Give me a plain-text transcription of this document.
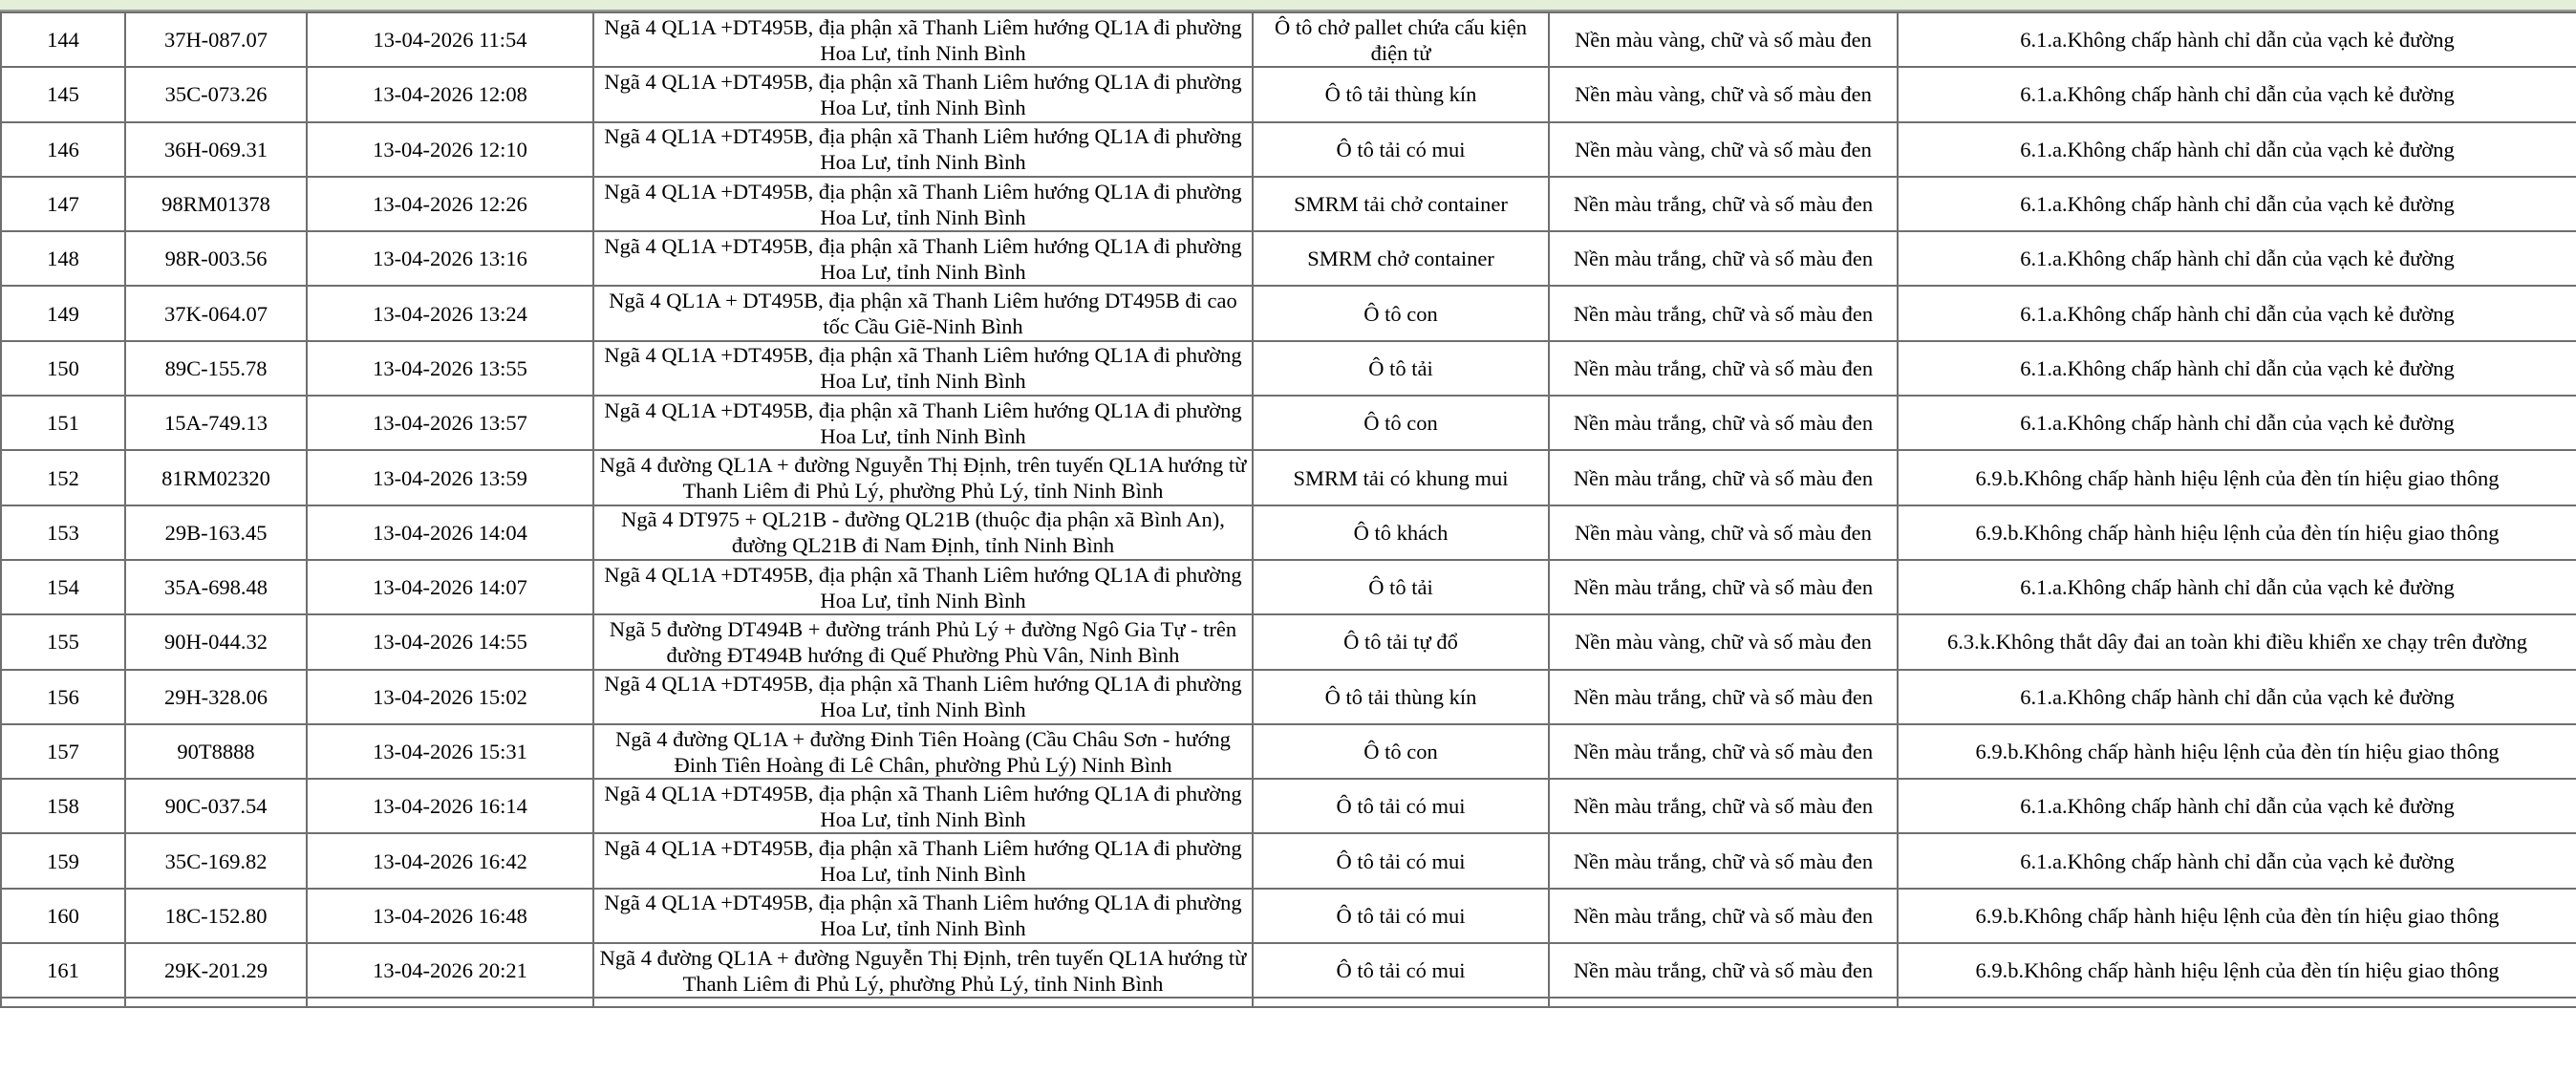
144	37H-087.07	13-04-2026 11:54	Ngã 4 QL1A +DT495B, địa phận xã Thanh Liêm hướng QL1A đi phường Hoa Lư, tỉnh Ninh Bình	Ô tô chở pallet chứa cấu kiện điện tử	Nền màu vàng, chữ và số màu đen	6.1.a.Không chấp hành chỉ dẫn của vạch kẻ đường
145	35C-073.26	13-04-2026 12:08	Ngã 4 QL1A +DT495B, địa phận xã Thanh Liêm hướng QL1A đi phường Hoa Lư, tỉnh Ninh Bình	Ô tô tải thùng kín	Nền màu vàng, chữ và số màu đen	6.1.a.Không chấp hành chỉ dẫn của vạch kẻ đường
146	36H-069.31	13-04-2026 12:10	Ngã 4 QL1A +DT495B, địa phận xã Thanh Liêm hướng QL1A đi phường Hoa Lư, tỉnh Ninh Bình	Ô tô tải có mui	Nền màu vàng, chữ và số màu đen	6.1.a.Không chấp hành chỉ dẫn của vạch kẻ đường
147	98RM01378	13-04-2026 12:26	Ngã 4 QL1A +DT495B, địa phận xã Thanh Liêm hướng QL1A đi phường Hoa Lư, tỉnh Ninh Bình	SMRM tải chở container	Nền màu trắng, chữ và số màu đen	6.1.a.Không chấp hành chỉ dẫn của vạch kẻ đường
148	98R-003.56	13-04-2026 13:16	Ngã 4 QL1A +DT495B, địa phận xã Thanh Liêm hướng QL1A đi phường Hoa Lư, tỉnh Ninh Bình	SMRM chở container	Nền màu trắng, chữ và số màu đen	6.1.a.Không chấp hành chỉ dẫn của vạch kẻ đường
149	37K-064.07	13-04-2026 13:24	Ngã 4 QL1A + DT495B, địa phận xã Thanh Liêm hướng DT495B đi cao tốc Cầu Giẽ-Ninh Bình	Ô tô con	Nền màu trắng, chữ và số màu đen	6.1.a.Không chấp hành chỉ dẫn của vạch kẻ đường
150	89C-155.78	13-04-2026 13:55	Ngã 4 QL1A +DT495B, địa phận xã Thanh Liêm hướng QL1A đi phường Hoa Lư, tỉnh Ninh Bình	Ô tô tải	Nền màu trắng, chữ và số màu đen	6.1.a.Không chấp hành chỉ dẫn của vạch kẻ đường
151	15A-749.13	13-04-2026 13:57	Ngã 4 QL1A +DT495B, địa phận xã Thanh Liêm hướng QL1A đi phường Hoa Lư, tỉnh Ninh Bình	Ô tô con	Nền màu trắng, chữ và số màu đen	6.1.a.Không chấp hành chỉ dẫn của vạch kẻ đường
152	81RM02320	13-04-2026 13:59	Ngã 4 đường QL1A + đường Nguyễn Thị Định, trên tuyến QL1A hướng từ Thanh Liêm đi Phủ Lý, phường Phủ Lý, tỉnh Ninh Bình	SMRM tải có khung mui	Nền màu trắng, chữ và số màu đen	6.9.b.Không chấp hành hiệu lệnh của đèn tín hiệu giao thông
153	29B-163.45	13-04-2026 14:04	Ngã 4 DT975 + QL21B - đường QL21B (thuộc địa phận xã Bình An), đường QL21B đi Nam Định, tỉnh Ninh Bình	Ô tô khách	Nền màu vàng, chữ và số màu đen	6.9.b.Không chấp hành hiệu lệnh của đèn tín hiệu giao thông
154	35A-698.48	13-04-2026 14:07	Ngã 4 QL1A +DT495B, địa phận xã Thanh Liêm hướng QL1A đi phường Hoa Lư, tỉnh Ninh Bình	Ô tô tải	Nền màu trắng, chữ và số màu đen	6.1.a.Không chấp hành chỉ dẫn của vạch kẻ đường
155	90H-044.32	13-04-2026 14:55	Ngã 5 đường DT494B + đường tránh Phủ Lý + đường Ngô Gia Tự - trên đường ĐT494B hướng đi Quế Phường Phù Vân, Ninh Bình	Ô tô tải tự đổ	Nền màu vàng, chữ và số màu đen	6.3.k.Không thắt dây đai an toàn khi điều khiển xe chạy trên đường
156	29H-328.06	13-04-2026 15:02	Ngã 4 QL1A +DT495B, địa phận xã Thanh Liêm hướng QL1A đi phường Hoa Lư, tỉnh Ninh Bình	Ô tô tải thùng kín	Nền màu trắng, chữ và số màu đen	6.1.a.Không chấp hành chỉ dẫn của vạch kẻ đường
157	90T8888	13-04-2026 15:31	Ngã 4 đường QL1A + đường Đinh Tiên Hoàng (Cầu Châu Sơn - hướng Đinh Tiên Hoàng đi Lê Chân, phường Phủ Lý) Ninh Bình	Ô tô con	Nền màu trắng, chữ và số màu đen	6.9.b.Không chấp hành hiệu lệnh của đèn tín hiệu giao thông
158	90C-037.54	13-04-2026 16:14	Ngã 4 QL1A +DT495B, địa phận xã Thanh Liêm hướng QL1A đi phường Hoa Lư, tỉnh Ninh Bình	Ô tô tải có mui	Nền màu trắng, chữ và số màu đen	6.1.a.Không chấp hành chỉ dẫn của vạch kẻ đường
159	35C-169.82	13-04-2026 16:42	Ngã 4 QL1A +DT495B, địa phận xã Thanh Liêm hướng QL1A đi phường Hoa Lư, tỉnh Ninh Bình	Ô tô tải có mui	Nền màu trắng, chữ và số màu đen	6.1.a.Không chấp hành chỉ dẫn của vạch kẻ đường
160	18C-152.80	13-04-2026 16:48	Ngã 4 QL1A +DT495B, địa phận xã Thanh Liêm hướng QL1A đi phường Hoa Lư, tỉnh Ninh Bình	Ô tô tải có mui	Nền màu trắng, chữ và số màu đen	6.9.b.Không chấp hành hiệu lệnh của đèn tín hiệu giao thông
161	29K-201.29	13-04-2026 20:21	Ngã 4 đường QL1A + đường Nguyễn Thị Định, trên tuyến QL1A hướng từ Thanh Liêm đi Phủ Lý, phường Phủ Lý, tỉnh Ninh Bình	Ô tô tải có mui	Nền màu trắng, chữ và số màu đen	6.9.b.Không chấp hành hiệu lệnh của đèn tín hiệu giao thông
